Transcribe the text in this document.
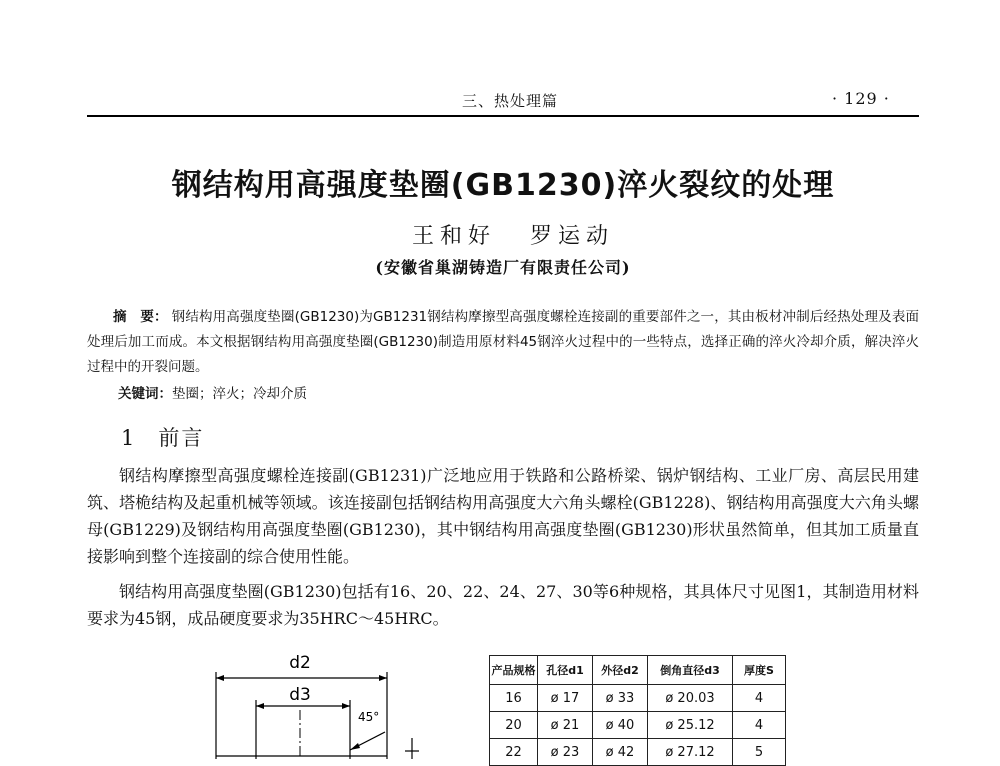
三、热处理篇	· 129 ·
钢结构用高强度垫圈(GB1230)淬火裂纹的处理
王和好 罗运动
(安徽省巢湖铸造厂有限责任公司)
摘　要： 钢结构用高强度垫圈(GB1230)为GB1231钢结构摩擦型高强度螺栓连接副的重要部件之一，其由板材冲制后经热处理及表面处理后加工而成。本文根据钢结构用高强度垫圈(GB1230)制造用原材料45钢淬火过程中的一些特点，选择正确的淬火冷却介质，解决淬火过程中的开裂问题。
关键词：垫圈；淬火；冷却介质
1 前言

钢结构摩擦型高强度螺栓连接副(GB1231)广泛地应用于铁路和公路桥梁、锅炉钢结构、工业厂房、高层民用建筑、塔桅结构及起重机械等领域。该连接副包括钢结构用高强度大六角头螺栓(GB1228)、钢结构用高强度大六角头螺母(GB1229)及钢结构用高强度垫圈(GB1230)，其中钢结构用高强度垫圈(GB1230)形状虽然简单，但其加工质量直接影响到整个连接副的综合使用性能。

钢结构用高强度垫圈(GB1230)包括有16、20、22、24、27、30等6种规格，其具体尺寸见图1，其制造用材料要求为45钢，成品硬度要求为35HRC～45HRC。

d2
d3
45°
产品规格	孔径d1	外径d2	倒角直径d3	厚度S
16	ø 17	ø 33	ø 20.03	4
20	ø 21	ø 40	ø 25.12	4
22	ø 23	ø 42	ø 27.12	5
